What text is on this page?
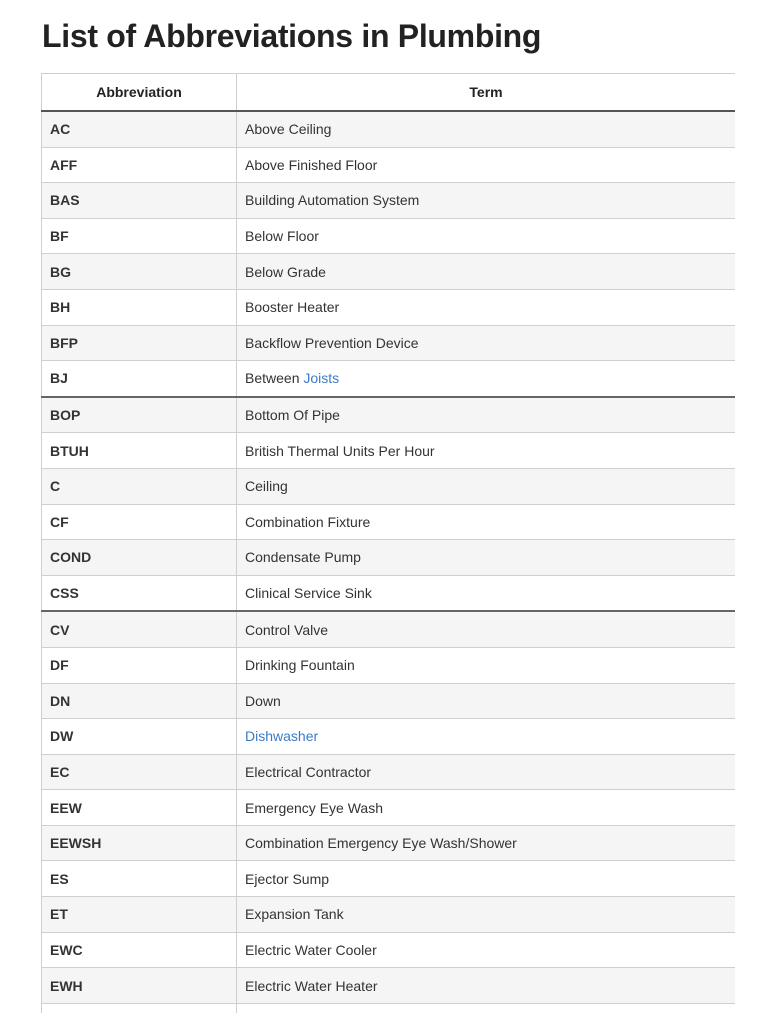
List of Abbreviations in Plumbing
Abbreviation	Term
AC	Above Ceiling
AFF	Above Finished Floor
BAS	Building Automation System
BF	Below Floor
BG	Below Grade
BH	Booster Heater
BFP	Backflow Prevention Device
BJ	Between Joists
BOP	Bottom Of Pipe
BTUH	British Thermal Units Per Hour
C	Ceiling
CF	Combination Fixture
COND	Condensate Pump
CSS	Clinical Service Sink
CV	Control Valve
DF	Drinking Fountain
DN	Down
DW	Dishwasher
EC	Electrical Contractor
EEW	Emergency Eye Wash
EEWSH	Combination Emergency Eye Wash/Shower
ES	Ejector Sump
ET	Expansion Tank
EWC	Electric Water Cooler
EWH	Electric Water Heater
